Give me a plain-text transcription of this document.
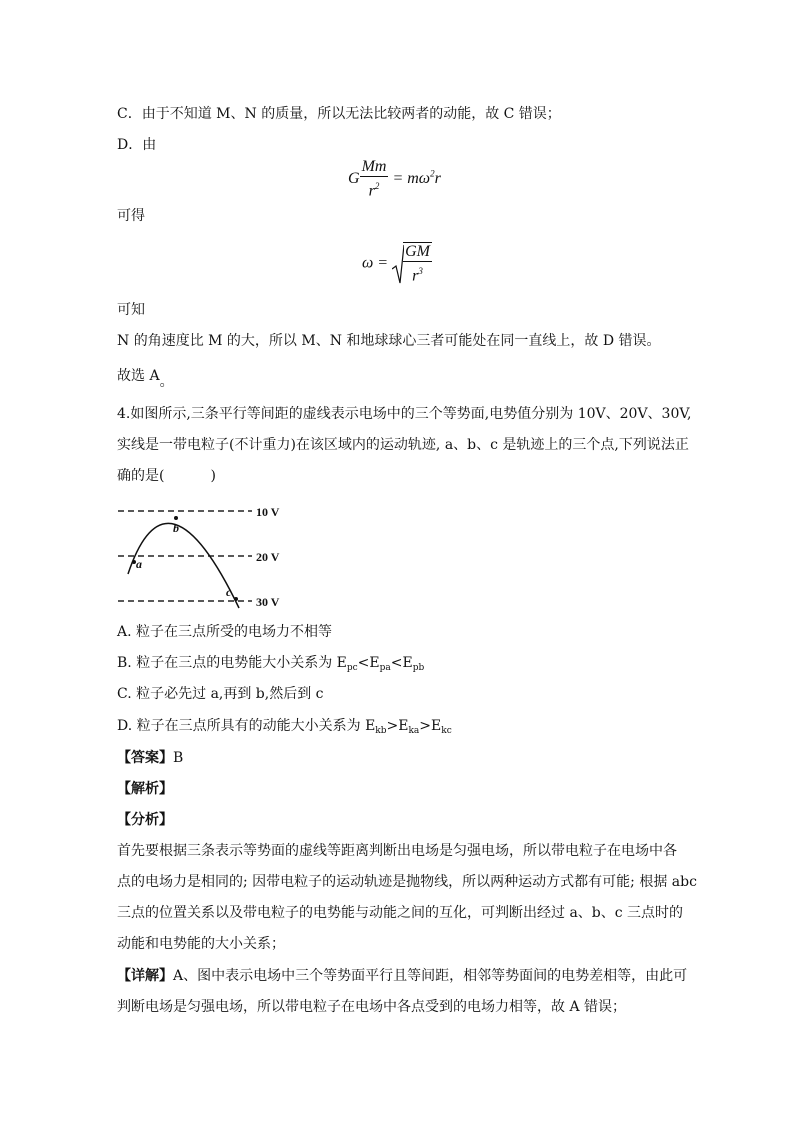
C．由于不知道 M、N 的质量，所以无法比较两者的动能，故 C 错误；
D．由
G $\frac{Mm}{r^2} = m\omega^2r$
可得
$\omega = \frac{GM}{r^3}$
可知
N 的角速度比 M 的大，所以 M、N 和地球球心三者可能处在同一直线上，故 D 错误。
故选 A。
4.如图所示,三条平行等间距的虚线表示电场中的三个等势面,电势值分别为 10V、20V、30V,
实线是一带电粒子(不计重力)在该区域内的运动轨迹, a、b、c 是轨迹上的三个点,下列说法正
确的是(	)
10 V
20 V
30 V
a
b
c
A. 粒子在三点所受的电场力不相等
B. 粒子在三点的电势能大小关系为 $E_{pc}<E_{pa}<E_{pb}$
C. 粒子必先过 a,再到 b,然后到 c
D. 粒子在三点所具有的动能大小关系为 $E_{kb}>E_{ka}>E_{kc}$
【答案】B
【解析】
【分析】
首先要根据三条表示等势面的虚线等距离判断出电场是匀强电场，所以带电粒子在电场中各
点的电场力是相同的; 因带电粒子的运动轨迹是抛物线，所以两种运动方式都有可能; 根据 abc
三点的位置关系以及带电粒子的电势能与动能之间的互化，可判断出经过 a、b、c 三点时的
动能和电势能的大小关系；
【详解】A、图中表示电场中三个等势面平行且等间距，相邻等势面间的电势差相等，由此可
判断电场是匀强电场，所以带电粒子在电场中各点受到的电场力相等，故 A 错误；
